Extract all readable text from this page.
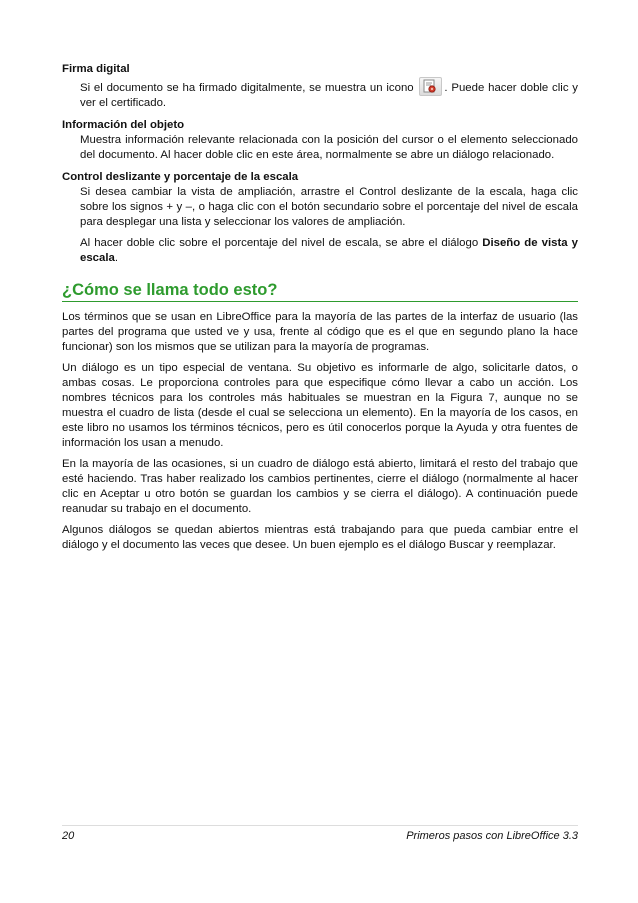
Firma digital

Si el documento se ha firmado digitalmente, se muestra un icono	. Puede hacer doble clic y ver el certificado.

Información del objeto

Muestra información relevante relacionada con la posición del cursor o el elemento seleccionado del documento. Al hacer doble clic en este área, normalmente se abre un diálogo relacionado.

Control deslizante y porcentaje de la escala

Si desea cambiar la vista de ampliación, arrastre el Control deslizante de la escala, haga clic sobre los signos + y –, o haga clic con el botón secundario sobre el porcentaje del nivel de escala para desplegar una lista y seleccionar los valores de ampliación.

Al hacer doble clic sobre el porcentaje del nivel de escala, se abre el diálogo Diseño de vista y escala.

¿Cómo se llama todo esto?

Los términos que se usan en LibreOffice para la mayoría de las partes de la interfaz de usuario (las partes del programa que usted ve y usa, frente al código que es el que en segundo plano la hace funcionar) son los mismos que se utilizan para la mayoría de programas.

Un diálogo es un tipo especial de ventana. Su objetivo es informarle de algo, solicitarle datos, o ambas cosas. Le proporciona controles para que especifique cómo llevar a cabo un acción. Los nombres técnicos para los controles más habituales se muestran en la Figura 7, aunque no se muestra el cuadro de lista (desde el cual se selecciona un elemento). En la mayoría de los casos, en este libro no usamos los términos técnicos, pero es útil conocerlos porque la Ayuda y otra fuentes de información los usan a menudo.

En la mayoría de las ocasiones, si un cuadro de diálogo está abierto, limitará el resto del trabajo que esté haciendo. Tras haber realizado los cambios pertinentes, cierre el diálogo (normalmente al hacer clic en Aceptar u otro botón se guardan los cambios y se cierra el diálogo). A continuación puede reanudar su trabajo en el documento.

Algunos diálogos se quedan abiertos mientras está trabajando para que pueda cambiar entre el diálogo y el documento las veces que desee. Un buen ejemplo es el diálogo Buscar y reemplazar.

20	Primeros pasos con LibreOffice 3.3
